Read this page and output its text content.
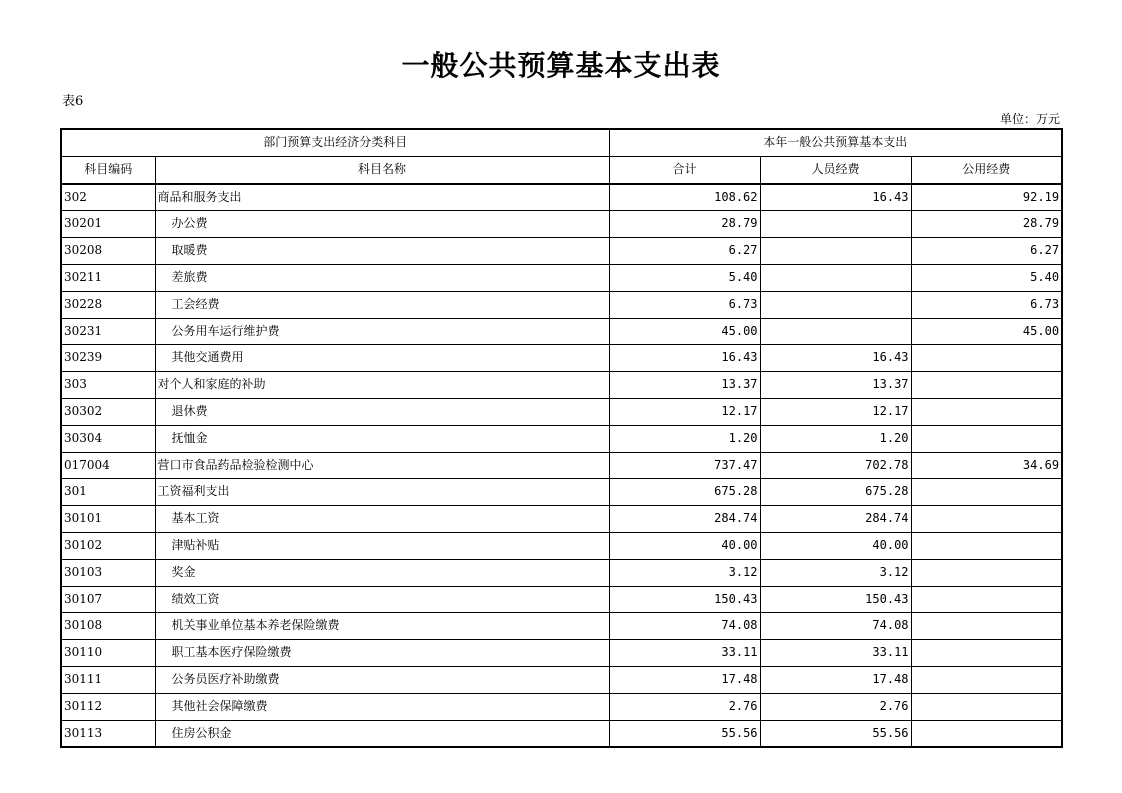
一般公共预算基本支出表
表6
单位：万元
部门预算支出经济分类科目		本年一般公共预算基本支出		
科目编码	科目名称	合计	人员经费	公用经费
302	商品和服务支出	108.62	16.43	92.19
30201	办公费	28.79		28.79
30208	取暖费	6.27		6.27
30211	差旅费	5.40		5.40
30228	工会经费	6.73		6.73
30231	公务用车运行维护费	45.00		45.00
30239	其他交通费用	16.43	16.43	
303	对个人和家庭的补助	13.37	13.37	
30302	退休费	12.17	12.17	
30304	抚恤金	1.20	1.20	
017004	营口市食品药品检验检测中心	737.47	702.78	34.69
301	工资福利支出	675.28	675.28	
30101	基本工资	284.74	284.74	
30102	津贴补贴	40.00	40.00	
30103	奖金	3.12	3.12	
30107	绩效工资	150.43	150.43	
30108	机关事业单位基本养老保险缴费	74.08	74.08	
30110	职工基本医疗保险缴费	33.11	33.11	
30111	公务员医疗补助缴费	17.48	17.48	
30112	其他社会保障缴费	2.76	2.76	
30113	住房公积金	55.56	55.56	
